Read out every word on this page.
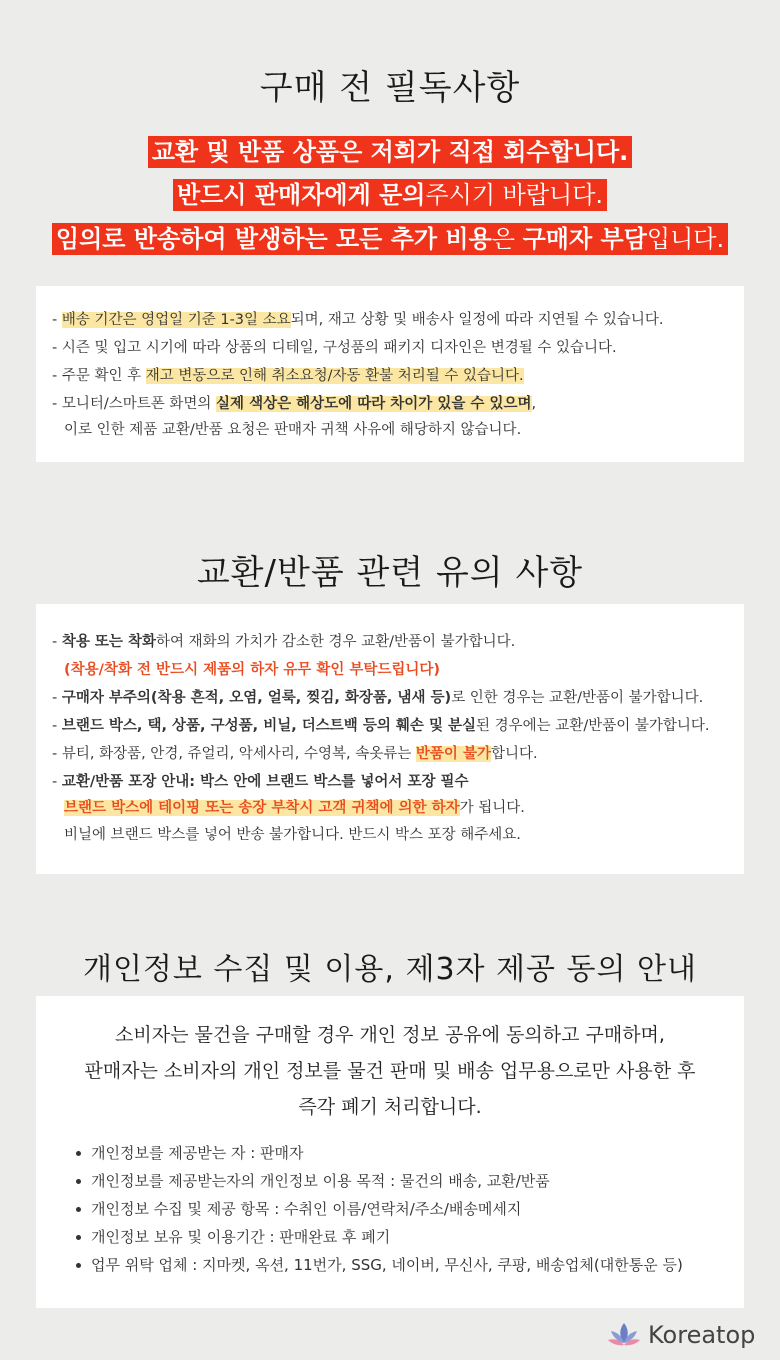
구매 전 필독사항
교환 및 반품 상품은 저희가 직접 회수합니다.
반드시 판매자에게 문의주시기 바랍니다.
임의로 반송하여 발생하는 모든 추가 비용은 구매자 부담입니다.
- 배송 기간은 영업일 기준 1-3일 소요되며, 재고 상황 및 배송사 일정에 따라 지연될 수 있습니다.
- 시즌 및 입고 시기에 따라 상품의 디테일, 구성품의 패키지 디자인은 변경될 수 있습니다.
- 주문 확인 후 재고 변동으로 인해 취소요청/자동 환불 처리될 수 있습니다.
- 모니터/스마트폰 화면의 실제 색상은 해상도에 따라 차이가 있을 수 있으며,
이로 인한 제품 교환/반품 요청은 판매자 귀책 사유에 해당하지 않습니다.
교환/반품 관련 유의 사항
- 착용 또는 착화하여 재화의 가치가 감소한 경우 교환/반품이 불가합니다.
(착용/착화 전 반드시 제품의 하자 유무 확인 부탁드립니다)
- 구매자 부주의(착용 흔적, 오염, 얼룩, 찢김, 화장품, 냄새 등)로 인한 경우는 교환/반품이 불가합니다.
- 브랜드 박스, 택, 상품, 구성품, 비닐, 더스트백 등의 훼손 및 분실된 경우에는 교환/반품이 불가합니다.
- 뷰티, 화장품, 안경, 쥬얼리, 악세사리, 수영복, 속옷류는 반품이 불가합니다.
- 교환/반품 포장 안내: 박스 안에 브랜드 박스를 넣어서 포장 필수
브랜드 박스에 테이핑 또는 송장 부착시 고객 귀책에 의한 하자가 됩니다.
비닐에 브랜드 박스를 넣어 반송 불가합니다. 반드시 박스 포장 해주세요.
개인정보 수집 및 이용, 제3자 제공 동의 안내
소비자는 물건을 구매할 경우 개인 정보 공유에 동의하고 구매하며,
판매자는 소비자의 개인 정보를 물건 판매 및 배송 업무용으로만 사용한 후
즉각 폐기 처리합니다.
개인정보를 제공받는 자 : 판매자
개인정보를 제공받는자의 개인정보 이용 목적 : 물건의 배송, 교환/반품
개인정보 수집 및 제공 항목 : 수취인 이름/연락처/주소/배송메세지
개인정보 보유 및 이용기간 : 판매완료 후 폐기
업무 위탁 업체 : 지마켓, 옥션, 11번가, SSG, 네이버, 무신사, 쿠팡, 배송업체(대한통운 등)
Koreatop
